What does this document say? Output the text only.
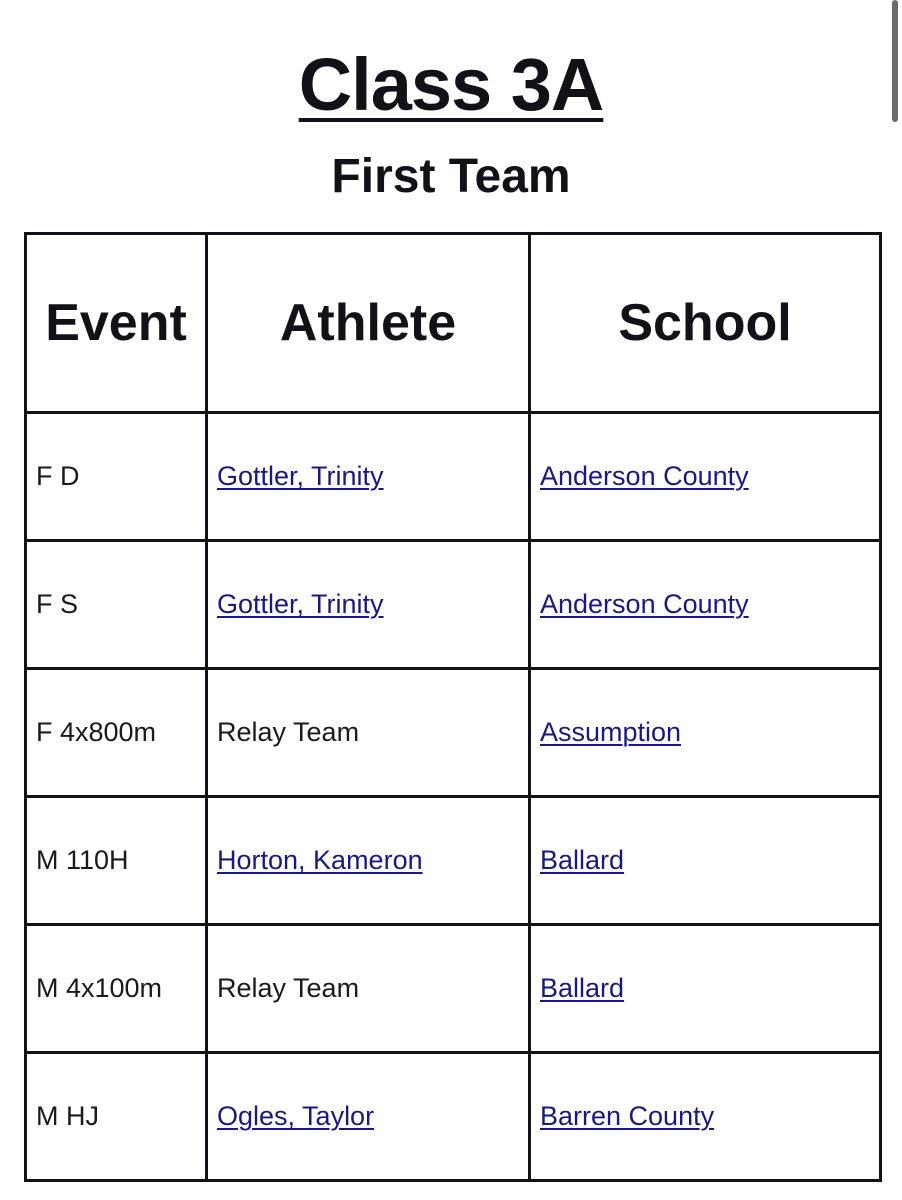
Class 3A
First Team
Event	Athlete	School
F D	Gottler, Trinity	Anderson County
F S	Gottler, Trinity	Anderson County
F 4x800m	Relay Team	Assumption
M 110H	Horton, Kameron	Ballard
M 4x100m	Relay Team	Ballard
M HJ	Ogles, Taylor	Barren County
